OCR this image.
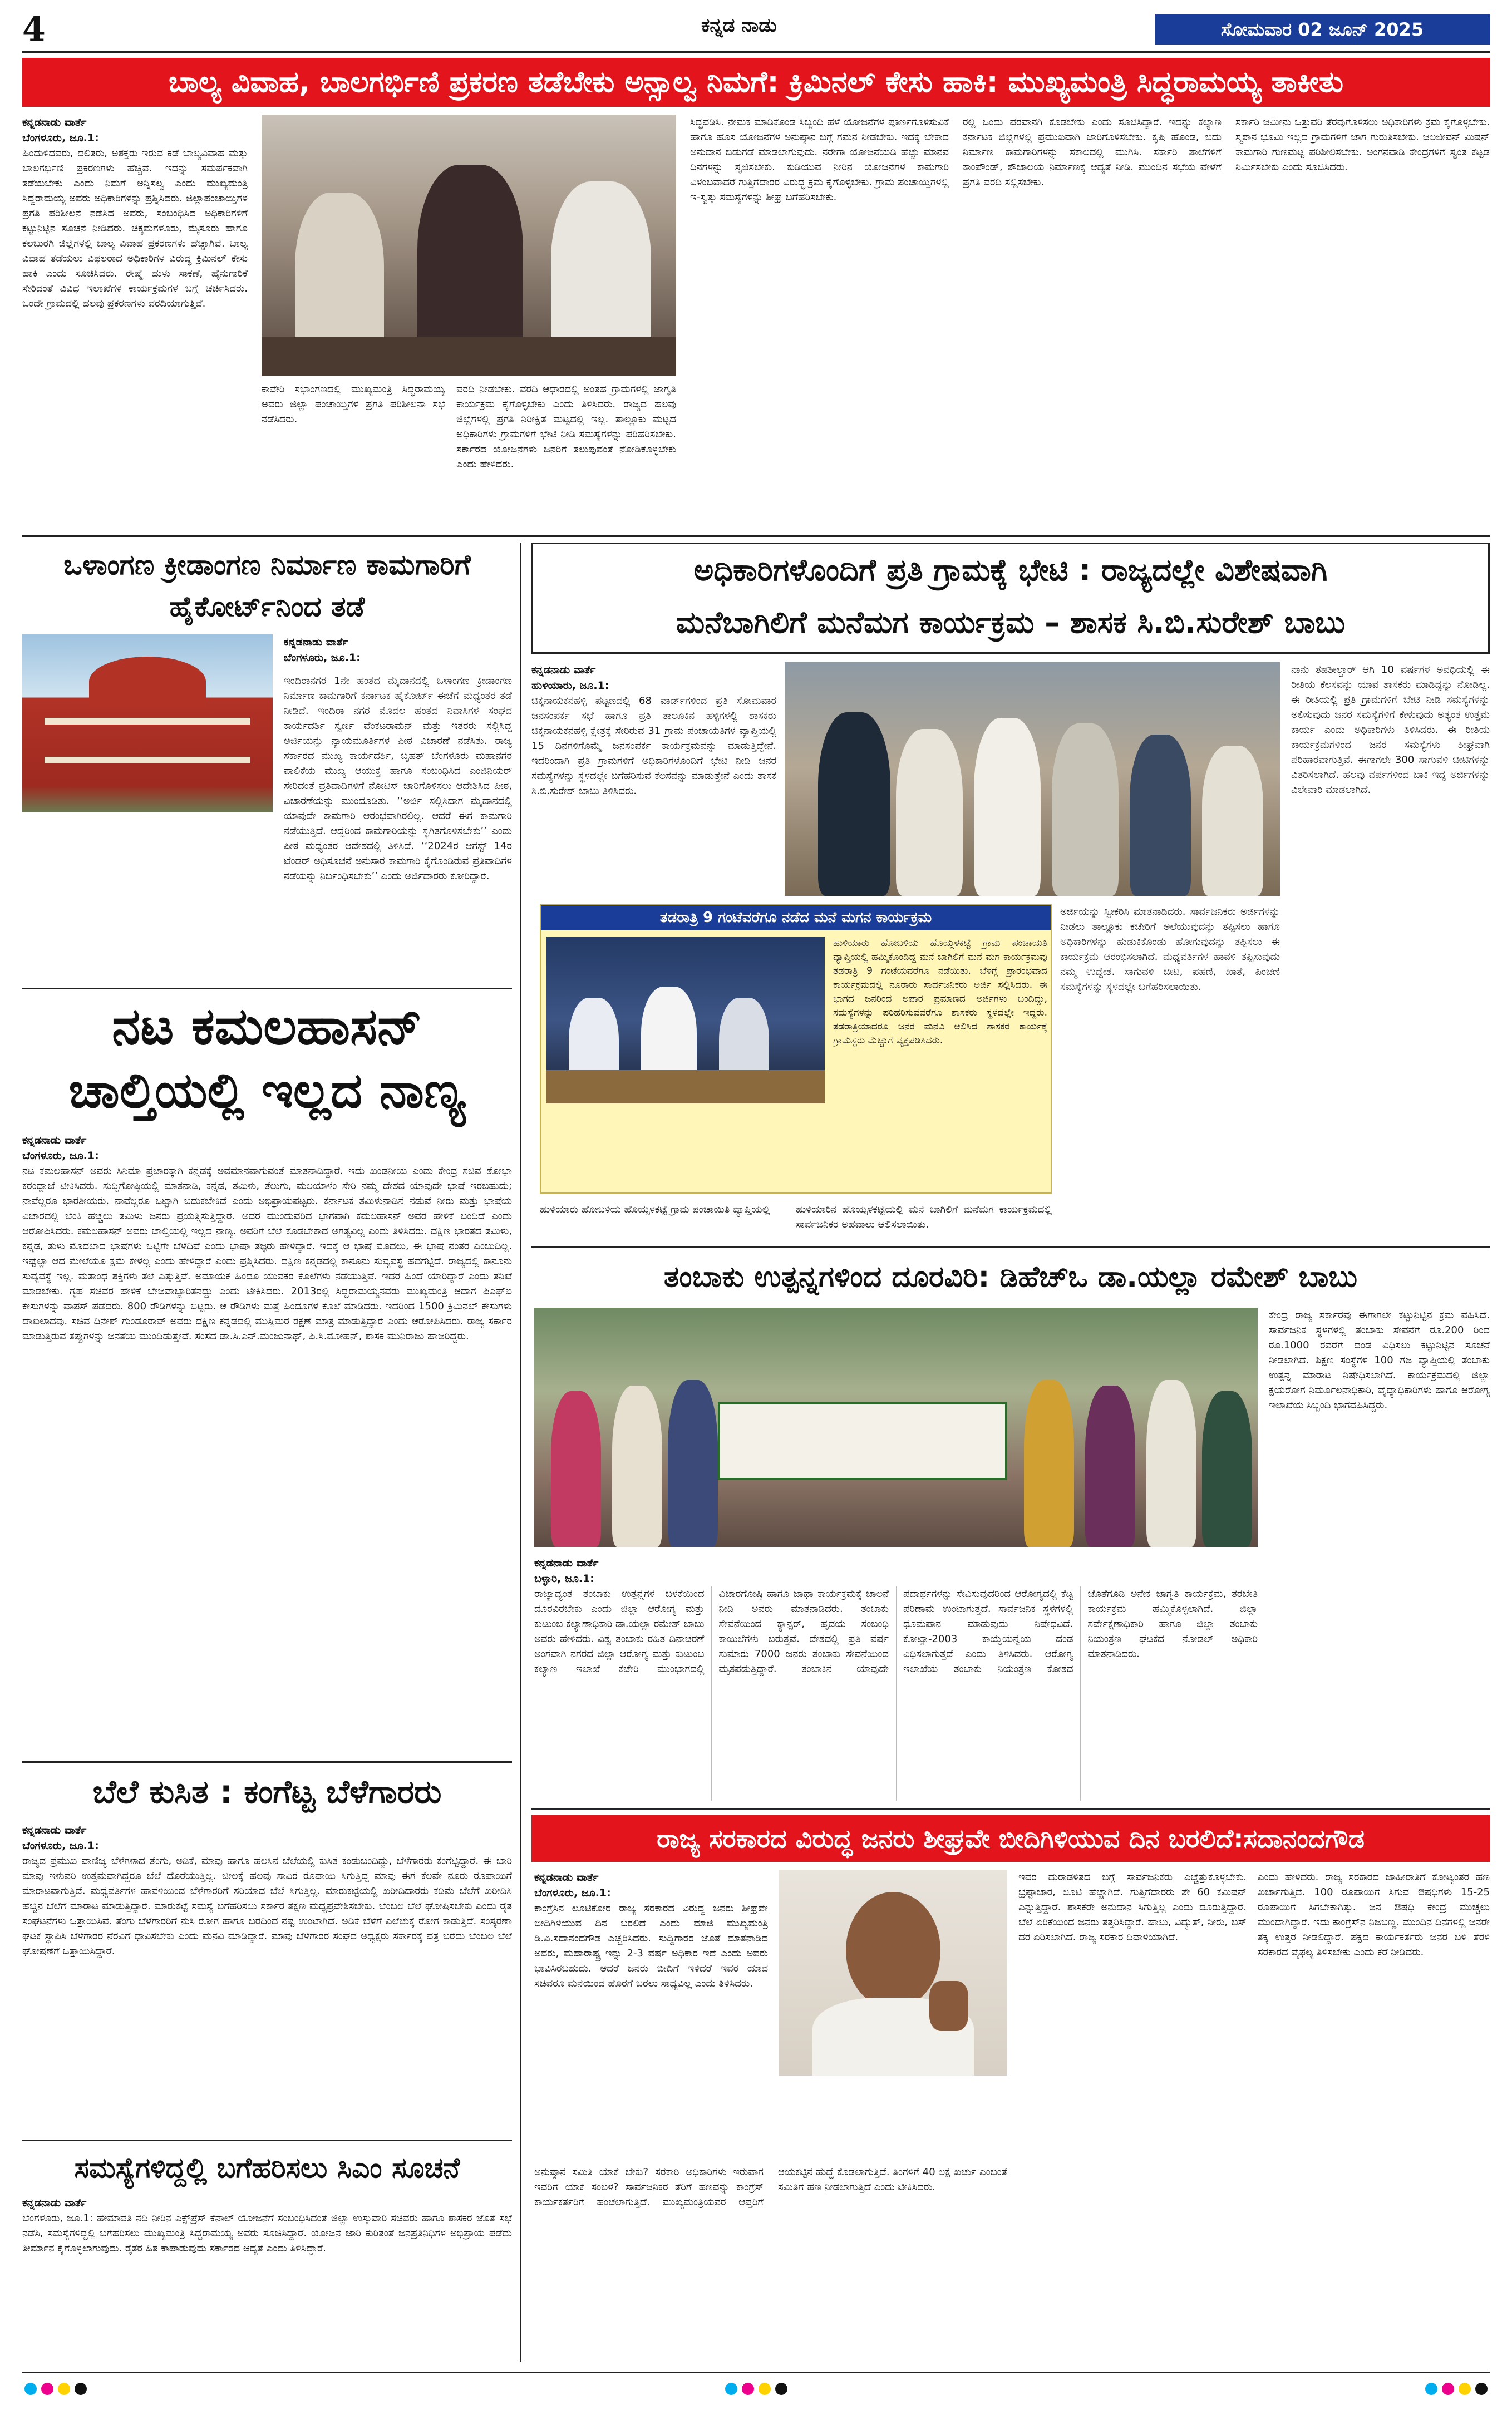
4	ಕನ್ನಡ ನಾಡು	ಸೋಮವಾರ 02 ಜೂನ್ 2025
ಬಾಲ್ಯ ವಿವಾಹ, ಬಾಲಗರ್ಭಿಣಿ ಪ್ರಕರಣ ತಡೆಬೇಕು ಅನ್ಸಾಲ್ವ ನಿಮಗೆ: ಕ್ರಿಮಿನಲ್ ಕೇಸು ಹಾಕಿ: ಮುಖ್ಯಮಂತ್ರಿ ಸಿದ್ಧರಾಮಯ್ಯ ತಾಕೀತು
ಕನ್ನಡನಾಡು ವಾರ್ತೆ
ಬೆಂಗಳೂರು, ಜೂ.1:
ಹಿಂದುಳಿದವರು, ದಲಿತರು, ಅಶಕ್ತರು ಇರುವ ಕಡೆ ಬಾಲ್ಯವಿವಾಹ ಮತ್ತು ಬಾಲಗರ್ಭಿಣಿ ಪ್ರಕರಣಗಳು ಹೆಚ್ಚಿವೆ. ಇದನ್ನು ಸಮರ್ಪಕವಾಗಿ ತಡೆಯಬೇಕು ಎಂದು ನಿಮಗೆ ಅನ್ನಿಸಲ್ವ ಎಂದು ಮುಖ್ಯಮಂತ್ರಿ ಸಿದ್ದರಾಮಯ್ಯ ಅವರು ಅಧಿಕಾರಿಗಳನ್ನು ಪ್ರಶ್ನಿಸಿದರು. ಜಿಲ್ಲಾಪಂಚಾಯ್ತಿಗಳ ಪ್ರಗತಿ ಪರಿಶೀಲನೆ ನಡೆಸಿದ ಅವರು, ಸಂಬಂಧಿಸಿದ ಅಧಿಕಾರಿಗಳಿಗೆ ಕಟ್ಟುನಿಟ್ಟಿನ ಸೂಚನೆ ನೀಡಿದರು. ಚಿಕ್ಕಮಗಳೂರು, ಮೈಸೂರು ಹಾಗೂ ಕಲಬುರಗಿ ಜಿಲ್ಲೆಗಳಲ್ಲಿ ಬಾಲ್ಯ ವಿವಾಹ ಪ್ರಕರಣಗಳು ಹೆಚ್ಚಾಗಿವೆ. ಬಾಲ್ಯ ವಿವಾಹ ತಡೆಯಲು ವಿಫಲರಾದ ಅಧಿಕಾರಿಗಳ ವಿರುದ್ಧ ಕ್ರಿಮಿನಲ್ ಕೇಸು ಹಾಕಿ ಎಂದು ಸೂಚಿಸಿದರು. ರೇಷ್ಮೆ ಹುಳು ಸಾಕಣೆ, ಹೈನುಗಾರಿಕೆ ಸೇರಿದಂತೆ ವಿವಿಧ ಇಲಾಖೆಗಳ ಕಾರ್ಯಕ್ರಮಗಳ ಬಗ್ಗೆ ಚರ್ಚಿಸಿದರು. ಒಂದೇ ಗ್ರಾಮದಲ್ಲಿ ಹಲವು ಪ್ರಕರಣಗಳು ವರದಿಯಾಗುತ್ತಿವೆ.
ಕಾವೇರಿ ಸಭಾಂಗಣದಲ್ಲಿ ಮುಖ್ಯಮಂತ್ರಿ ಸಿದ್ಧರಾಮಯ್ಯ ಅವರು ಜಿಲ್ಲಾ ಪಂಚಾಯ್ತಿಗಳ ಪ್ರಗತಿ ಪರಿಶೀಲನಾ ಸಭೆ ನಡೆಸಿದರು.
ವರದಿ ನೀಡಬೇಕು. ವರದಿ ಆಧಾರದಲ್ಲಿ ಅಂತಹ ಗ್ರಾಮಗಳಲ್ಲಿ ಜಾಗೃತಿ ಕಾರ್ಯಕ್ರಮ ಕೈಗೊಳ್ಳಬೇಕು ಎಂದು ತಿಳಿಸಿದರು. ರಾಜ್ಯದ ಹಲವು ಜಿಲ್ಲೆಗಳಲ್ಲಿ ಪ್ರಗತಿ ನಿರೀಕ್ಷಿತ ಮಟ್ಟದಲ್ಲಿ ಇಲ್ಲ. ತಾಲ್ಲೂಕು ಮಟ್ಟದ ಅಧಿಕಾರಿಗಳು ಗ್ರಾಮಗಳಿಗೆ ಭೇಟಿ ನೀಡಿ ಸಮಸ್ಯೆಗಳನ್ನು ಪರಿಹರಿಸಬೇಕು. ಸರ್ಕಾರದ ಯೋಜನೆಗಳು ಜನರಿಗೆ ತಲುಪುವಂತೆ ನೋಡಿಕೊಳ್ಳಬೇಕು ಎಂದು ಹೇಳಿದರು.
ಸಿದ್ಧಪಡಿಸಿ. ನೇಮಕ ಮಾಡಿಕೊಂಡ ಸಿಬ್ಬಂದಿ ಹಳೆ ಯೋಜನೆಗಳ ಪೂರ್ಣಗೊಳಿಸುವಿಕೆ ಹಾಗೂ ಹೊಸ ಯೋಜನೆಗಳ ಅನುಷ್ಠಾನ ಬಗ್ಗೆ ಗಮನ ನೀಡಬೇಕು. ಇದಕ್ಕೆ ಬೇಕಾದ ಅನುದಾನ ಬಿಡುಗಡೆ ಮಾಡಲಾಗುವುದು. ನರೇಗಾ ಯೋಜನೆಯಡಿ ಹೆಚ್ಚು ಮಾನವ ದಿನಗಳನ್ನು ಸೃಜಿಸಬೇಕು. ಕುಡಿಯುವ ನೀರಿನ ಯೋಜನೆಗಳ ಕಾಮಗಾರಿ ವಿಳಂಬವಾದರೆ ಗುತ್ತಿಗೆದಾರರ ವಿರುದ್ಧ ಕ್ರಮ ಕೈಗೊಳ್ಳಬೇಕು. ಗ್ರಾಮ ಪಂಚಾಯ್ತಿಗಳಲ್ಲಿ ಇ-ಸ್ವತ್ತು ಸಮಸ್ಯೆಗಳನ್ನು ಶೀಘ್ರ ಬಗೆಹರಿಸಬೇಕು.
ರಲ್ಲಿ ಒಂದು ಪರವಾನಗಿ ಕೊಡಬೇಕು ಎಂದು ಸೂಚಿಸಿದ್ದಾರೆ. ಇದನ್ನು ಕಲ್ಯಾಣ ಕರ್ನಾಟಕ ಜಿಲ್ಲೆಗಳಲ್ಲಿ ಪ್ರಮುಖವಾಗಿ ಜಾರಿಗೊಳಿಸಬೇಕು. ಕೃಷಿ ಹೊಂಡ, ಬದು ನಿರ್ಮಾಣ ಕಾಮಗಾರಿಗಳನ್ನು ಸಕಾಲದಲ್ಲಿ ಮುಗಿಸಿ. ಸರ್ಕಾರಿ ಶಾಲೆಗಳಿಗೆ ಕಾಂಪೌಂಡ್, ಶೌಚಾಲಯ ನಿರ್ಮಾಣಕ್ಕೆ ಆದ್ಯತೆ ನೀಡಿ. ಮುಂದಿನ ಸಭೆಯ ವೇಳೆಗೆ ಪ್ರಗತಿ ವರದಿ ಸಲ್ಲಿಸಬೇಕು.
ಸರ್ಕಾರಿ ಜಮೀನು ಒತ್ತುವರಿ ತೆರವುಗೊಳಿಸಲು ಅಧಿಕಾರಿಗಳು ಕ್ರಮ ಕೈಗೊಳ್ಳಬೇಕು. ಸ್ಮಶಾನ ಭೂಮಿ ಇಲ್ಲದ ಗ್ರಾಮಗಳಿಗೆ ಜಾಗ ಗುರುತಿಸಬೇಕು. ಜಲಜೀವನ್ ಮಿಷನ್ ಕಾಮಗಾರಿ ಗುಣಮಟ್ಟ ಪರಿಶೀಲಿಸಬೇಕು. ಅಂಗನವಾಡಿ ಕೇಂದ್ರಗಳಿಗೆ ಸ್ವಂತ ಕಟ್ಟಡ ನಿರ್ಮಿಸಬೇಕು ಎಂದು ಸೂಚಿಸಿದರು.
ಒಳಾಂಗಣ ಕ್ರೀಡಾಂಗಣ ನಿರ್ಮಾಣ ಕಾಮಗಾರಿಗೆ ಹೈಕೋರ್ಟ್‌ನಿಂದ ತಡೆ
ಕನ್ನಡನಾಡು ವಾರ್ತೆ
ಬೆಂಗಳೂರು, ಜೂ.1:
ಇಂದಿರಾನಗರ 1ನೇ ಹಂತದ ಮೈದಾನದಲ್ಲಿ ಒಳಾಂಗಣ ಕ್ರೀಡಾಂಗಣ ನಿರ್ಮಾಣ ಕಾಮಗಾರಿಗೆ ಕರ್ನಾಟಕ ಹೈಕೋರ್ಟ್ ಈಚೆಗೆ ಮಧ್ಯಂತರ ತಡೆ ನೀಡಿದೆ. ಇಂದಿರಾ ನಗರ ಮೊದಲ ಹಂತದ ನಿವಾಸಿಗಳ ಸಂಘದ ಕಾರ್ಯದರ್ಶಿ ಸ್ವರ್ಣ ವೆಂಕಟರಾಮನ್ ಮತ್ತು ಇತರರು ಸಲ್ಲಿಸಿದ್ದ ಅರ್ಜಿಯನ್ನು ನ್ಯಾಯಮೂರ್ತಿಗಳ ಪೀಠ ವಿಚಾರಣೆ ನಡೆಸಿತು. ರಾಜ್ಯ ಸರ್ಕಾರದ ಮುಖ್ಯ ಕಾರ್ಯದರ್ಶಿ, ಬೃಹತ್ ಬೆಂಗಳೂರು ಮಹಾನಗರ ಪಾಲಿಕೆಯ ಮುಖ್ಯ ಆಯುಕ್ತ ಹಾಗೂ ಸಂಬಂಧಿಸಿದ ಎಂಜಿನಿಯರ್ ಸೇರಿದಂತೆ ಪ್ರತಿವಾದಿಗಳಿಗೆ ನೋಟಿಸ್ ಜಾರಿಗೊಳಿಸಲು ಆದೇಶಿಸಿದ ಪೀಠ, ವಿಚಾರಣೆಯನ್ನು ಮುಂದೂಡಿತು. ‘‘ಅರ್ಜಿ ಸಲ್ಲಿಸಿದಾಗ ಮೈದಾನದಲ್ಲಿ ಯಾವುದೇ ಕಾಮಗಾರಿ ಆರಂಭವಾಗಿರಲಿಲ್ಲ. ಆದರೆ ಈಗ ಕಾಮಗಾರಿ ನಡೆಯುತ್ತಿದೆ. ಆದ್ದರಿಂದ ಕಾಮಗಾರಿಯನ್ನು ಸ್ಥಗಿತಗೊಳಿಸಬೇಕು’’ ಎಂದು ಪೀಠ ಮಧ್ಯಂತರ ಆದೇಶದಲ್ಲಿ ತಿಳಿಸಿದೆ. ‘‘2024ರ ಆಗಸ್ಟ್ 14ರ ಟೆಂಡರ್ ಅಧಿಸೂಚನೆ ಅನುಸಾರ ಕಾಮಗಾರಿ ಕೈಗೊಂಡಿರುವ ಪ್ರತಿವಾದಿಗಳ ನಡೆಯನ್ನು ನಿರ್ಬಂಧಿಸಬೇಕು’’ ಎಂದು ಅರ್ಜಿದಾರರು ಕೋರಿದ್ದಾರೆ.
ನಟ ಕಮಲಹಾಸನ್
ಚಾಲ್ತಿಯಲ್ಲಿ ಇಲ್ಲದ ನಾಣ್ಯ
ಕನ್ನಡನಾಡು ವಾರ್ತೆ
ಬೆಂಗಳೂರು, ಜೂ.1:
ನಟ ಕಮಲಹಾಸನ್ ಅವರು ಸಿನಿಮಾ ಪ್ರಚಾರಕ್ಕಾಗಿ ಕನ್ನಡಕ್ಕೆ ಅವಮಾನವಾಗುವಂತೆ ಮಾತನಾಡಿದ್ದಾರೆ. ಇದು ಖಂಡನೀಯ ಎಂದು ಕೇಂದ್ರ ಸಚಿವ ಶೋಭಾ ಕರಂದ್ಲಾಜೆ ಟೀಕಿಸಿದರು. ಸುದ್ದಿಗೋಷ್ಠಿಯಲ್ಲಿ ಮಾತನಾಡಿ, ಕನ್ನಡ, ತಮಿಳು, ತೆಲುಗು, ಮಲಯಾಳಂ ಸೇರಿ ನಮ್ಮ ದೇಶದ ಯಾವುದೇ ಭಾಷೆ ಇರಬಹುದು; ನಾವೆಲ್ಲರೂ ಭಾರತೀಯರು. ನಾವೆಲ್ಲರೂ ಒಟ್ಟಾಗಿ ಬದುಕಬೇಕಿದೆ ಎಂದು ಅಭಿಪ್ರಾಯಪಟ್ಟರು. ಕರ್ನಾಟಕ ತಮಿಳುನಾಡಿನ ನಡುವೆ ನೀರು ಮತ್ತು ಭಾಷೆಯ ವಿಚಾರದಲ್ಲಿ ಬೆಂಕಿ ಹಚ್ಚಲು ತಮಿಳು ಜನರು ಪ್ರಯತ್ನಿಸುತ್ತಿದ್ದಾರೆ. ಅದರ ಮುಂದುವರಿದ ಭಾಗವಾಗಿ ಕಮಲಹಾಸನ್ ಅವರ ಹೇಳಿಕೆ ಬಂದಿದೆ ಎಂದು ಆರೋಪಿಸಿದರು. ಕಮಲಹಾಸನ್ ಅವರು ಚಾಲ್ತಿಯಲ್ಲಿ ಇಲ್ಲದ ನಾಣ್ಯ. ಅವರಿಗೆ ಬೆಲೆ ಕೊಡಬೇಕಾದ ಅಗತ್ಯವಿಲ್ಲ ಎಂದು ತಿಳಿಸಿದರು. ದಕ್ಷಿಣ ಭಾರತದ ತಮಿಳು, ಕನ್ನಡ, ತುಳು ಮೊದಲಾದ ಭಾಷೆಗಳು ಒಟ್ಟಿಗೇ ಬೆಳೆದಿವೆ ಎಂದು ಭಾಷಾ ತಜ್ಞರು ಹೇಳಿದ್ದಾರೆ. ಇದಕ್ಕೆ ಆ ಭಾಷೆ ಮೊದಲು, ಈ ಭಾಷೆ ನಂತರ ಎಂಬುದಿಲ್ಲ. ಇಷ್ಟೆಲ್ಲಾ ಆದ ಮೇಲೆಯೂ ಕ್ಷಮೆ ಕೇಳಲ್ಲ ಎಂದು ಹೇಳಿದ್ದಾರೆ ಎಂದು ಪ್ರಶ್ನಿಸಿದರು. ದಕ್ಷಿಣ ಕನ್ನಡದಲ್ಲಿ ಕಾನೂನು ಸುವ್ಯವಸ್ಥೆ ಹದಗೆಟ್ಟಿದೆ. ರಾಜ್ಯದಲ್ಲಿ ಕಾನೂನು ಸುವ್ಯವಸ್ಥೆ ಇಲ್ಲ. ಮತಾಂಧ ಶಕ್ತಿಗಳು ತಲೆ ಎತ್ತುತ್ತಿವೆ. ಅಮಾಯಕ ಹಿಂದೂ ಯುವಕರ ಕೊಲೆಗಳು ನಡೆಯುತ್ತಿವೆ. ಇದರ ಹಿಂದೆ ಯಾರಿದ್ದಾರೆ ಎಂದು ತನಿಖೆ ಮಾಡಬೇಕು. ಗೃಹ ಸಚಿವರ ಹೇಳಿಕೆ ಬೇಜವಾಬ್ದಾರಿತನದ್ದು ಎಂದು ಟೀಕಿಸಿದರು. 2013ರಲ್ಲಿ ಸಿದ್ದರಾಮಯ್ಯನವರು ಮುಖ್ಯಮಂತ್ರಿ ಆದಾಗ ಪಿಎಫ್‌ಐ ಕೇಸುಗಳನ್ನು ವಾಪಸ್ ಪಡೆದರು. 800 ರೌಡಿಗಳನ್ನು ಬಿಟ್ಟರು. ಆ ರೌಡಿಗಳು ಮತ್ತೆ ಹಿಂದೂಗಳ ಕೊಲೆ ಮಾಡಿದರು. ಇದರಿಂದ 1500 ಕ್ರಿಮಿನಲ್ ಕೇಸುಗಳು ದಾಖಲಾದವು. ಸಚಿವ ದಿನೇಶ್ ಗುಂಡೂರಾವ್ ಅವರು ದಕ್ಷಿಣ ಕನ್ನಡದಲ್ಲಿ ಮುಸ್ಲಿಮರ ರಕ್ಷಣೆ ಮಾತ್ರ ಮಾಡುತ್ತಿದ್ದಾರೆ ಎಂದು ಆರೋಪಿಸಿದರು. ರಾಜ್ಯ ಸರ್ಕಾರ ಮಾಡುತ್ತಿರುವ ತಪ್ಪುಗಳನ್ನು ಜನತೆಯ ಮುಂದಿಡುತ್ತೇವೆ. ಸಂಸದ ಡಾ.ಸಿ.ಎನ್.ಮಂಜುನಾಥ್, ಪಿ.ಸಿ.ಮೋಹನ್, ಶಾಸಕ ಮುನಿರಾಜು ಹಾಜರಿದ್ದರು.
ಬೆಲೆ ಕುಸಿತ : ಕಂಗೆಟ್ಟ ಬೆಳೆಗಾರರು
ಕನ್ನಡನಾಡು ವಾರ್ತೆ
ಬೆಂಗಳೂರು, ಜೂ.1:
ರಾಜ್ಯದ ಪ್ರಮುಖ ವಾಣಿಜ್ಯ ಬೆಳೆಗಳಾದ ತೆಂಗು, ಅಡಿಕೆ, ಮಾವು ಹಾಗೂ ಹಲಸಿನ ಬೆಲೆಯಲ್ಲಿ ಕುಸಿತ ಕಂಡುಬಂದಿದ್ದು, ಬೆಳೆಗಾರರು ಕಂಗೆಟ್ಟಿದ್ದಾರೆ. ಈ ಬಾರಿ ಮಾವು ಇಳುವರಿ ಉತ್ತಮವಾಗಿದ್ದರೂ ಬೆಲೆ ದೊರೆಯುತ್ತಿಲ್ಲ. ಚೀಲಕ್ಕೆ ಹಲವು ಸಾವಿರ ರೂಪಾಯಿ ಸಿಗುತ್ತಿದ್ದ ಮಾವು ಈಗ ಕೆಲವೇ ನೂರು ರೂಪಾಯಿಗೆ ಮಾರಾಟವಾಗುತ್ತಿದೆ. ಮಧ್ಯವರ್ತಿಗಳ ಹಾವಳಿಯಿಂದ ಬೆಳೆಗಾರರಿಗೆ ಸರಿಯಾದ ಬೆಲೆ ಸಿಗುತ್ತಿಲ್ಲ. ಮಾರುಕಟ್ಟೆಯಲ್ಲಿ ಖರೀದಿದಾರರು ಕಡಿಮೆ ಬೆಲೆಗೆ ಖರೀದಿಸಿ ಹೆಚ್ಚಿನ ಬೆಲೆಗೆ ಮಾರಾಟ ಮಾಡುತ್ತಿದ್ದಾರೆ. ಮಾರುಕಟ್ಟೆ ಸಮಸ್ಯೆ ಬಗೆಹರಿಸಲು ಸರ್ಕಾರ ತಕ್ಷಣ ಮಧ್ಯಪ್ರವೇಶಿಸಬೇಕು. ಬೆಂಬಲ ಬೆಲೆ ಘೋಷಿಸಬೇಕು ಎಂದು ರೈತ ಸಂಘಟನೆಗಳು ಒತ್ತಾಯಿಸಿವೆ. ತೆಂಗು ಬೆಳೆಗಾರರಿಗೆ ನುಸಿ ರೋಗ ಹಾಗೂ ಬರದಿಂದ ನಷ್ಟ ಉಂಟಾಗಿದೆ. ಅಡಿಕೆ ಬೆಳೆಗೆ ಎಲೆಚುಕ್ಕೆ ರೋಗ ಕಾಡುತ್ತಿದೆ. ಸಂಸ್ಕರಣಾ ಘಟಕ ಸ್ಥಾಪಿಸಿ ಬೆಳೆಗಾರರ ನೆರವಿಗೆ ಧಾವಿಸಬೇಕು ಎಂದು ಮನವಿ ಮಾಡಿದ್ದಾರೆ. ಮಾವು ಬೆಳೆಗಾರರ ಸಂಘದ ಅಧ್ಯಕ್ಷರು ಸರ್ಕಾರಕ್ಕೆ ಪತ್ರ ಬರೆದು ಬೆಂಬಲ ಬೆಲೆ ಘೋಷಣೆಗೆ ಒತ್ತಾಯಿಸಿದ್ದಾರೆ.
ಸಮಸ್ಯೆಗಳಿದ್ದಲ್ಲಿ ಬಗೆಹರಿಸಲು ಸಿಎಂ ಸೂಚನೆ
ಕನ್ನಡನಾಡು ವಾರ್ತೆ
ಬೆಂಗಳೂರು, ಜೂ.1: ಹೇಮಾವತಿ ನದಿ ನೀರಿನ ಎಕ್ಸ್‌ಪ್ರೆಸ್ ಕೆನಾಲ್ ಯೋಜನೆಗೆ ಸಂಬಂಧಿಸಿದಂತೆ ಜಿಲ್ಲಾ ಉಸ್ತುವಾರಿ ಸಚಿವರು ಹಾಗೂ ಶಾಸಕರ ಜೊತೆ ಸಭೆ ನಡೆಸಿ, ಸಮಸ್ಯೆಗಳಿದ್ದಲ್ಲಿ ಬಗೆಹರಿಸಲು ಮುಖ್ಯಮಂತ್ರಿ ಸಿದ್ದರಾಮಯ್ಯ ಅವರು ಸೂಚಿಸಿದ್ದಾರೆ. ಯೋಜನೆ ಜಾರಿ ಕುರಿತಂತೆ ಜನಪ್ರತಿನಿಧಿಗಳ ಅಭಿಪ್ರಾಯ ಪಡೆದು ತೀರ್ಮಾನ ಕೈಗೊಳ್ಳಲಾಗುವುದು. ರೈತರ ಹಿತ ಕಾಪಾಡುವುದು ಸರ್ಕಾರದ ಆದ್ಯತೆ ಎಂದು ತಿಳಿಸಿದ್ದಾರೆ.
ಅಧಿಕಾರಿಗಳೊಂದಿಗೆ ಪ್ರತಿ ಗ್ರಾಮಕ್ಕೆ ಭೇಟಿ : ರಾಜ್ಯದಲ್ಲೇ ವಿಶೇಷವಾಗಿ
ಮನೆಬಾಗಿಲಿಗೆ ಮನೆಮಗ ಕಾರ್ಯಕ್ರಮ – ಶಾಸಕ ಸಿ.ಬಿ.ಸುರೇಶ್ ಬಾಬು
ಕನ್ನಡನಾಡು ವಾರ್ತೆ
ಹುಳಿಯಾರು, ಜೂ.1:
ಚಿಕ್ಕನಾಯಕನಹಳ್ಳಿ ಪಟ್ಟಣದಲ್ಲಿ 68 ವಾರ್ಡ್‌ಗಳಿಂದ ಪ್ರತಿ ಸೋಮವಾರ ಜನಸಂಪರ್ಕ ಸಭೆ ಹಾಗೂ ಪ್ರತಿ ತಾಲೂಕಿನ ಹಳ್ಳಿಗಳಲ್ಲಿ ಶಾಸಕರು ಚಿಕ್ಕನಾಯಕನಹಳ್ಳಿ ಕ್ಷೇತ್ರಕ್ಕೆ ಸೇರಿರುವ 31 ಗ್ರಾಮ ಪಂಚಾಯತಿಗಳ ವ್ಯಾಪ್ತಿಯಲ್ಲಿ 15 ದಿನಗಳಿಗೊಮ್ಮೆ ಜನಸಂಪರ್ಕ ಕಾರ್ಯಕ್ರಮವನ್ನು ಮಾಡುತ್ತಿದ್ದೇನೆ. ಇದರಿಂದಾಗಿ ಪ್ರತಿ ಗ್ರಾಮಗಳಿಗೆ ಅಧಿಕಾರಿಗಳೊಂದಿಗೆ ಭೇಟಿ ನೀಡಿ ಜನರ ಸಮಸ್ಯೆಗಳನ್ನು ಸ್ಥಳದಲ್ಲೇ ಬಗೆಹರಿಸುವ ಕೆಲಸವನ್ನು ಮಾಡುತ್ತೇನೆ ಎಂದು ಶಾಸಕ ಸಿ.ಬಿ.ಸುರೇಶ್ ಬಾಬು ತಿಳಿಸಿದರು.
ನಾನು ತಹಶೀಲ್ದಾರ್ ಆಗಿ 10 ವರ್ಷಗಳ ಅವಧಿಯಲ್ಲಿ ಈ ರೀತಿಯ ಕೆಲಸವನ್ನು ಯಾವ ಶಾಸಕರು ಮಾಡಿದ್ದನ್ನು ನೋಡಿಲ್ಲ. ಈ ರೀತಿಯಲ್ಲಿ ಪ್ರತಿ ಗ್ರಾಮಗಳಿಗೆ ಬೇಟಿ ನೀಡಿ ಸಮಸ್ಯೆಗಳನ್ನು ಅಲಿಸುವುದು ಜನರ ಸಮಸ್ಯೆಗಳಿಗೆ ಕೇಳುವುದು ಅತ್ಯಂತ ಉತ್ತಮ ಕಾರ್ಯ ಎಂದು ಅಧಿಕಾರಿಗಳು ತಿಳಿಸಿದರು. ಈ ರೀತಿಯ ಕಾರ್ಯಕ್ರಮಗಳಿಂದ ಜನರ ಸಮಸ್ಯೆಗಳು ಶೀಘ್ರವಾಗಿ ಪರಿಹಾರವಾಗುತ್ತಿವೆ. ಈಗಾಗಲೇ 300 ಸಾಗುವಳಿ ಚೀಟಿಗಳನ್ನು ವಿತರಿಸಲಾಗಿದೆ. ಹಲವು ವರ್ಷಗಳಿಂದ ಬಾಕಿ ಇದ್ದ ಅರ್ಜಿಗಳನ್ನು ವಿಲೇವಾರಿ ಮಾಡಲಾಗಿದೆ.
ತಡರಾತ್ರಿ 9 ಗಂಟೆವರೆಗೂ ನಡೆದ ಮನೆ ಮಗನ ಕಾರ್ಯಕ್ರಮ
ಹುಳಿಯಾರು ಹೋಬಳಿಯ ಹೊಯ್ಸಳಕಟ್ಟೆ ಗ್ರಾಮ ಪಂಚಾಯತಿ ವ್ಯಾಪ್ತಿಯಲ್ಲಿ ಹಮ್ಮಿಕೊಂಡಿದ್ದ ಮನೆ ಬಾಗಿಲಿಗೆ ಮನೆ ಮಗ ಕಾರ್ಯಕ್ರಮವು ತಡರಾತ್ರಿ 9 ಗಂಟೆಯವರೆಗೂ ನಡೆಯಿತು. ಬೆಳಗ್ಗೆ ಪ್ರಾರಂಭವಾದ ಕಾರ್ಯಕ್ರಮದಲ್ಲಿ ನೂರಾರು ಸಾರ್ವಜನಿಕರು ಅರ್ಜಿ ಸಲ್ಲಿಸಿದರು. ಈ ಭಾಗದ ಜನರಿಂದ ಅಪಾರ ಪ್ರಮಾಣದ ಅರ್ಜಿಗಳು ಬಂದಿದ್ದು, ಸಮಸ್ಯೆಗಳನ್ನು ಪರಿಹರಿಸುವವರೆಗೂ ಶಾಸಕರು ಸ್ಥಳದಲ್ಲೇ ಇದ್ದರು. ತಡರಾತ್ರಿಯಾದರೂ ಜನರ ಮನವಿ ಆಲಿಸಿದ ಶಾಸಕರ ಕಾರ್ಯಕ್ಕೆ ಗ್ರಾಮಸ್ಥರು ಮೆಚ್ಚುಗೆ ವ್ಯಕ್ತಪಡಿಸಿದರು.
ಅರ್ಜಿಯನ್ನು ಸ್ವೀಕರಿಸಿ ಮಾತನಾಡಿದರು. ಸಾರ್ವಜನಿಕರು ಅರ್ಜಿಗಳನ್ನು ನೀಡಲು ತಾಲ್ಲೂಕು ಕಚೇರಿಗೆ ಅಲೆಯುವುದನ್ನು ತಪ್ಪಿಸಲು ಹಾಗೂ ಅಧಿಕಾರಿಗಳನ್ನು ಹುಡುಕಿಕೊಂಡು ಹೋಗುವುದನ್ನು ತಪ್ಪಿಸಲು ಈ ಕಾರ್ಯಕ್ರಮ ಆರಂಭಿಸಲಾಗಿದೆ. ಮಧ್ಯವರ್ತಿಗಳ ಹಾವಳಿ ತಪ್ಪಿಸುವುದು ನಮ್ಮ ಉದ್ದೇಶ. ಸಾಗುವಳಿ ಚೀಟಿ, ಪಹಣಿ, ಖಾತೆ, ಪಿಂಚಣಿ ಸಮಸ್ಯೆಗಳನ್ನು ಸ್ಥಳದಲ್ಲೇ ಬಗೆಹರಿಸಲಾಯಿತು.
ಹುಳಿಯಾರು ಹೋಬಳಿಯ ಹೊಯ್ಸಳಕಟ್ಟೆ ಗ್ರಾಮ ಪಂಚಾಯಿತಿ ವ್ಯಾಪ್ತಿಯಲ್ಲಿ	ಹುಳಿಯಾರಿನ ಹೊಯ್ಸಳಕಟ್ಟೆಯಲ್ಲಿ ಮನೆ ಬಾಗಿಲಿಗೆ ಮನೆಮಗ ಕಾರ್ಯಕ್ರಮದಲ್ಲಿ ಸಾರ್ವಜನಿಕರ ಅಹವಾಲು ಆಲಿಸಲಾಯಿತು.
ತಂಬಾಕು ಉತ್ಪನ್ನಗಳಿಂದ ದೂರವಿರಿ: ಡಿಹೆಚ್‌ಒ ಡಾ.ಯಲ್ಲಾ ರಮೇಶ್ ಬಾಬು
ಕೇಂದ್ರ ರಾಜ್ಯ ಸರ್ಕಾರವು ಈಗಾಗಲೇ ಕಟ್ಟುನಿಟ್ಟಿನ ಕ್ರಮ ವಹಿಸಿದೆ. ಸಾರ್ವಜನಿಕ ಸ್ಥಳಗಳಲ್ಲಿ ತಂಬಾಕು ಸೇವನೆಗೆ ರೂ.200 ರಿಂದ ರೂ.1000 ರವರೆಗೆ ದಂಡ ವಿಧಿಸಲು ಕಟ್ಟುನಿಟ್ಟಿನ ಸೂಚನೆ ನೀಡಲಾಗಿದೆ. ಶಿಕ್ಷಣ ಸಂಸ್ಥೆಗಳ 100 ಗಜ ವ್ಯಾಪ್ತಿಯಲ್ಲಿ ತಂಬಾಕು ಉತ್ಪನ್ನ ಮಾರಾಟ ನಿಷೇಧಿಸಲಾಗಿದೆ. ಕಾರ್ಯಕ್ರಮದಲ್ಲಿ ಜಿಲ್ಲಾ ಕ್ಷಯರೋಗ ನಿರ್ಮೂಲನಾಧಿಕಾರಿ, ವೈದ್ಯಾಧಿಕಾರಿಗಳು ಹಾಗೂ ಆರೋಗ್ಯ ಇಲಾಖೆಯ ಸಿಬ್ಬಂದಿ ಭಾಗವಹಿಸಿದ್ದರು.
ಕನ್ನಡನಾಡು ವಾರ್ತೆ
ಬಳ್ಳಾರಿ, ಜೂ.1:
ರಾಜ್ಯಾದ್ಯಂತ ತಂಬಾಕು ಉತ್ಪನ್ನಗಳ ಬಳಕೆಯಿಂದ ದೂರವಿರಬೇಕು ಎಂದು ಜಿಲ್ಲಾ ಆರೋಗ್ಯ ಮತ್ತು ಕುಟುಂಬ ಕಲ್ಯಾಣಾಧಿಕಾರಿ ಡಾ.ಯಲ್ಲಾ ರಮೇಶ್ ಬಾಬು ಅವರು ಹೇಳಿದರು. ವಿಶ್ವ ತಂಬಾಕು ರಹಿತ ದಿನಾಚರಣೆ ಅಂಗವಾಗಿ ನಗರದ ಜಿಲ್ಲಾ ಆರೋಗ್ಯ ಮತ್ತು ಕುಟುಂಬ ಕಲ್ಯಾಣ ಇಲಾಖೆ ಕಚೇರಿ ಮುಂಭಾಗದಲ್ಲಿ ವಿಚಾರಗೋಷ್ಠಿ ಹಾಗೂ ಜಾಥಾ ಕಾರ್ಯಕ್ರಮಕ್ಕೆ ಚಾಲನೆ ನೀಡಿ ಅವರು ಮಾತನಾಡಿದರು. ತಂಬಾಕು ಸೇವನೆಯಿಂದ ಕ್ಯಾನ್ಸರ್, ಹೃದಯ ಸಂಬಂಧಿ ಕಾಯಿಲೆಗಳು ಬರುತ್ತವೆ. ದೇಶದಲ್ಲಿ ಪ್ರತಿ ವರ್ಷ ಸುಮಾರು 7000 ಜನರು ತಂಬಾಕು ಸೇವನೆಯಿಂದ ಮೃತಪಡುತ್ತಿದ್ದಾರೆ. ತಂಬಾಕಿನ ಯಾವುದೇ ಪದಾರ್ಥಗಳನ್ನು ಸೇವಿಸುವುದರಿಂದ ಆರೋಗ್ಯದಲ್ಲಿ ಕೆಟ್ಟ ಪರಿಣಾಮ ಉಂಟಾಗುತ್ತದೆ. ಸಾರ್ವಜನಿಕ ಸ್ಥಳಗಳಲ್ಲಿ ಧೂಮಪಾನ ಮಾಡುವುದು ನಿಷೇಧವಿದೆ. ಕೋಟ್ಪಾ-2003 ಕಾಯ್ದೆಯನ್ವಯ ದಂಡ ವಿಧಿಸಲಾಗುತ್ತದೆ ಎಂದು ತಿಳಿಸಿದರು. ಆರೋಗ್ಯ ಇಲಾಖೆಯ ತಂಬಾಕು ನಿಯಂತ್ರಣ ಕೋಶದ ಜೊತೆಗೂಡಿ ಅನೇಕ ಜಾಗೃತಿ ಕಾರ್ಯಕ್ರಮ, ತರಬೇತಿ ಕಾರ್ಯಕ್ರಮ ಹಮ್ಮಿಕೊಳ್ಳಲಾಗಿದೆ. ಜಿಲ್ಲಾ ಸರ್ವೇಕ್ಷಣಾಧಿಕಾರಿ ಹಾಗೂ ಜಿಲ್ಲಾ ತಂಬಾಕು ನಿಯಂತ್ರಣ ಘಟಕದ ನೋಡಲ್ ಅಧಿಕಾರಿ ಮಾತನಾಡಿದರು.
ರಾಜ್ಯ ಸರಕಾರದ ವಿರುದ್ಧ ಜನರು ಶೀಘ್ರವೇ ಬೀದಿಗಿಳಿಯುವ ದಿನ ಬರಲಿದೆ:ಸದಾನಂದಗೌಡ
ಕನ್ನಡನಾಡು ವಾರ್ತೆ
ಬೆಂಗಳೂರು, ಜೂ.1:
ಕಾಂಗ್ರೆಸಿನ ಲೂಟಿಕೋರ ರಾಜ್ಯ ಸರಕಾರದ ವಿರುದ್ಧ ಜನರು ಶೀಘ್ರವೇ ಬೀದಿಗಿಳಿಯುವ ದಿನ ಬರಲಿದೆ ಎಂದು ಮಾಜಿ ಮುಖ್ಯಮಂತ್ರಿ ಡಿ.ವಿ.ಸದಾನಂದಗೌಡ ಎಚ್ಚರಿಸಿದರು. ಸುದ್ದಿಗಾರರ ಜೊತೆ ಮಾತನಾಡಿದ ಅವರು, ಮಹಾರಾಷ್ಟ್ರ ಇನ್ನು 2-3 ವರ್ಷ ಅಧಿಕಾರ ಇದೆ ಎಂದು ಅವರು ಭಾವಿಸಿರಬಹುದು. ಆದರೆ ಜನರು ಬೀದಿಗೆ ಇಳಿದರೆ ಇವರ ಯಾವ ಸಚಿವರೂ ಮನೆಯಿಂದ ಹೊರಗೆ ಬರಲು ಸಾಧ್ಯವಿಲ್ಲ ಎಂದು ತಿಳಿಸಿದರು.
ಅನುಷ್ಠಾನ ಸಮಿತಿ ಯಾಕೆ ಬೇಕು? ಸರಕಾರಿ ಅಧಿಕಾರಿಗಳು ಇರುವಾಗ ಇವರಿಗೆ ಯಾಕೆ ಸಂಬಳ? ಸಾರ್ವಜನಿಕರ ತೆರಿಗೆ ಹಣವನ್ನು ಕಾಂಗ್ರೆಸ್ ಕಾರ್ಯಕರ್ತರಿಗೆ ಹಂಚಲಾಗುತ್ತಿದೆ. ಮುಖ್ಯಮಂತ್ರಿಯವರ ಆಪ್ತರಿಗೆ ಆಯಕಟ್ಟಿನ ಹುದ್ದೆ ಕೊಡಲಾಗುತ್ತಿದೆ. ತಿಂಗಳಿಗೆ 40 ಲಕ್ಷ ಖರ್ಚು ಎಂಬಂತೆ ಸಮಿತಿಗೆ ಹಣ ನೀಡಲಾಗುತ್ತಿದೆ ಎಂದು ಟೀಕಿಸಿದರು.
ಇವರ ದುರಾಡಳಿತದ ಬಗ್ಗೆ ಸಾರ್ವಜನಿಕರು ಎಚ್ಚೆತ್ತುಕೊಳ್ಳಬೇಕು. ಭ್ರಷ್ಟಾಚಾರ, ಲೂಟಿ ಹೆಚ್ಚಾಗಿದೆ. ಗುತ್ತಿಗೆದಾರರು ಶೇ 60 ಕಮಿಷನ್ ಎನ್ನುತ್ತಿದ್ದಾರೆ. ಶಾಸಕರೇ ಅನುದಾನ ಸಿಗುತ್ತಿಲ್ಲ ಎಂದು ದೂರುತ್ತಿದ್ದಾರೆ. ಬೆಲೆ ಏರಿಕೆಯಿಂದ ಜನರು ತತ್ತರಿಸಿದ್ದಾರೆ. ಹಾಲು, ವಿದ್ಯುತ್, ನೀರು, ಬಸ್ ದರ ಏರಿಸಲಾಗಿದೆ. ರಾಜ್ಯ ಸರಕಾರ ದಿವಾಳಿಯಾಗಿದೆ.
ಎಂದು ಹೇಳಿದರು. ರಾಜ್ಯ ಸರಕಾರದ ಜಾಹೀರಾತಿಗೆ ಕೋಟ್ಯಂತರ ಹಣ ಖರ್ಚಾಗುತ್ತಿದೆ. 100 ರೂಪಾಯಿಗೆ ಸಿಗುವ ಔಷಧಿಗಳು 15-25 ರೂಪಾಯಿಗೆ ಸಿಗಬೇಕಾಗಿತ್ತು. ಜನ ಔಷಧಿ ಕೇಂದ್ರ ಮುಚ್ಚಲು ಮುಂದಾಗಿದ್ದಾರೆ. ಇದು ಕಾಂಗ್ರೆಸ್‌ನ ನಿಜಬಣ್ಣ. ಮುಂದಿನ ದಿನಗಳಲ್ಲಿ ಜನರೇ ತಕ್ಕ ಉತ್ತರ ನೀಡಲಿದ್ದಾರೆ. ಪಕ್ಷದ ಕಾರ್ಯಕರ್ತರು ಜನರ ಬಳಿ ತೆರಳಿ ಸರಕಾರದ ವೈಫಲ್ಯ ತಿಳಿಸಬೇಕು ಎಂದು ಕರೆ ನೀಡಿದರು.
